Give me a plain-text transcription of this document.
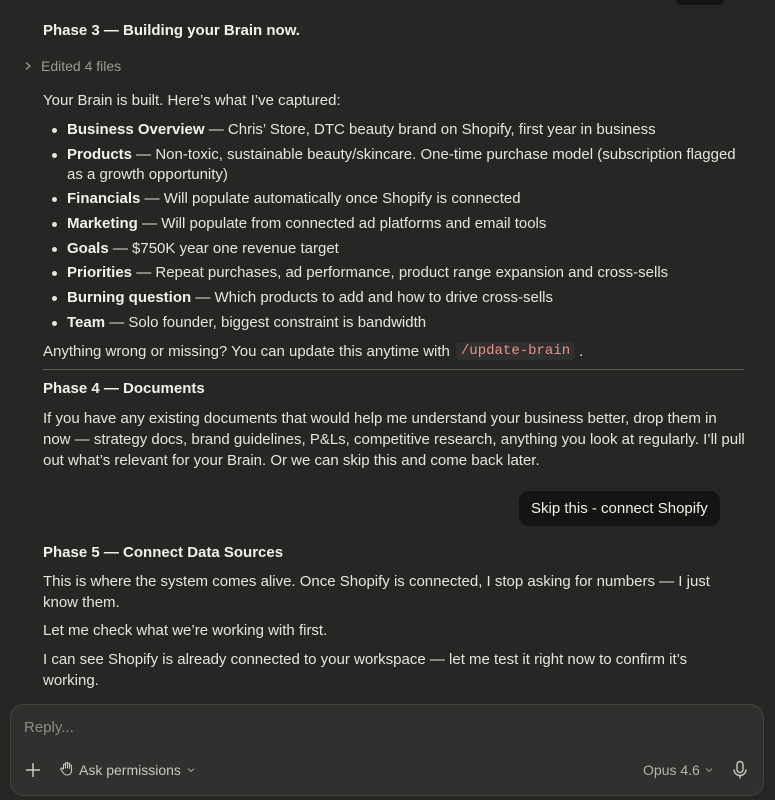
Phase 3 — Building your Brain now.
Edited 4 files
Your Brain is built. Here’s what I’ve captured:
Business Overview — Chris’ Store, DTC beauty brand on Shopify, first year in business
Products — Non-toxic, sustainable beauty/skincare. One-time purchase model (subscription flagged as a growth opportunity)
Financials — Will populate automatically once Shopify is connected
Marketing — Will populate from connected ad platforms and email tools
Goals — $750K year one revenue target
Priorities — Repeat purchases, ad performance, product range expansion and cross-sells
Burning question — Which products to add and how to drive cross-sells
Team — Solo founder, biggest constraint is bandwidth
Anything wrong or missing? You can update this anytime with /update-brain .
Phase 4 — Documents
If you have any existing documents that would help me understand your business better, drop them in now — strategy docs, brand guidelines, P&Ls, competitive research, anything you look at regularly. I’ll pull out what’s relevant for your Brain. Or we can skip this and come back later.
Phase 5 — Connect Data Sources
This is where the system comes alive. Once Shopify is connected, I stop asking for numbers — I just know them.
Let me check what we’re working with first.
I can see Shopify is already connected to your workspace — let me test it right now to confirm it’s working.
Skip this - connect Shopify
Reply...
Ask permissions	Opus 4.6
